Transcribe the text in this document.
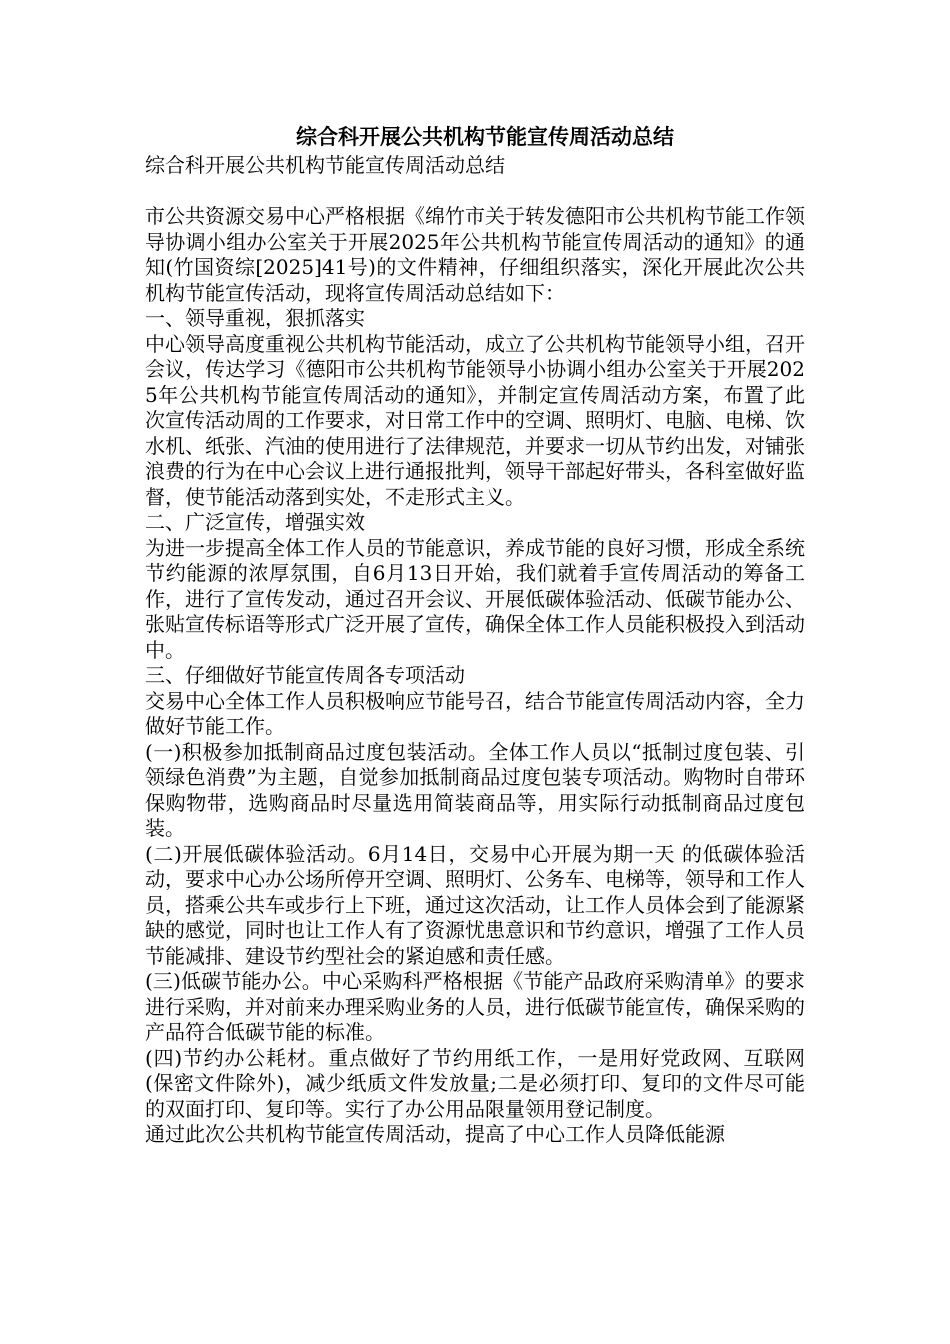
综合科开展公共机构节能宣传周活动总结
综合科开展公共机构节能宣传周活动总结

市公共资源交易中心严格根据《绵竹市关于转发德阳市公共机构节能工作领导协调小组办公室关于开展2025年公共机构节能宣传周活动的通知》的通知(竹国资综[2025]41号)的文件精神，仔细组织落实，深化开展此次公共机构节能宣传活动，现将宣传周活动总结如下：

一、领导重视，狠抓落实

中心领导高度重视公共机构节能活动，成立了公共机构节能领导小组，召开会议，传达学习《德阳市公共机构节能领导小协调小组办公室关于开展2025年公共机构节能宣传周活动的通知》，并制定宣传周活动方案，布置了此次宣传活动周的工作要求，对日常工作中的空调、照明灯、电脑、电梯、饮水机、纸张、汽油的使用进行了法律规范，并要求一切从节约出发，对铺张浪费的行为在中心会议上进行通报批判，领导干部起好带头，各科室做好监督，使节能活动落到实处，不走形式主义。

二、广泛宣传，增强实效

为进一步提高全体工作人员的节能意识，养成节能的良好习惯，形成全系统节约能源的浓厚氛围，自6月13日开始，我们就着手宣传周活动的筹备工作，进行了宣传发动，通过召开会议、开展低碳体验活动、低碳节能办公、张贴宣传标语等形式广泛开展了宣传，确保全体工作人员能积极投入到活动中。

三、仔细做好节能宣传周各专项活动

交易中心全体工作人员积极响应节能号召，结合节能宣传周活动内容，全力做好节能工作。

(一)积极参加抵制商品过度包装活动。全体工作人员以“抵制过度包装、引领绿色消费”为主题，自觉参加抵制商品过度包装专项活动。购物时自带环保购物带，选购商品时尽量选用简装商品等，用实际行动抵制商品过度包装。

(二)开展低碳体验活动。6月14日，交易中心开展为期一天 的低碳体验活动，要求中心办公场所停开空调、照明灯、公务车、电梯等，领导和工作人员，搭乘公共车或步行上下班，通过这次活动，让工作人员体会到了能源紧缺的感觉，同时也让工作人有了资源忧患意识和节约意识，增强了工作人员节能减排、建设节约型社会的紧迫感和责任感。

(三)低碳节能办公。中心采购科严格根据《节能产品政府采购清单》的要求进行采购，并对前来办理采购业务的人员，进行低碳节能宣传，确保采购的产品符合低碳节能的标准。

(四)节约办公耗材。重点做好了节约用纸工作，一是用好党政网、互联网(保密文件除外)，减少纸质文件发放量;二是必须打印、复印的文件尽可能的双面打印、复印等。实行了办公用品限量领用登记制度。

通过此次公共机构节能宣传周活动，提高了中心工作人员降低能源
